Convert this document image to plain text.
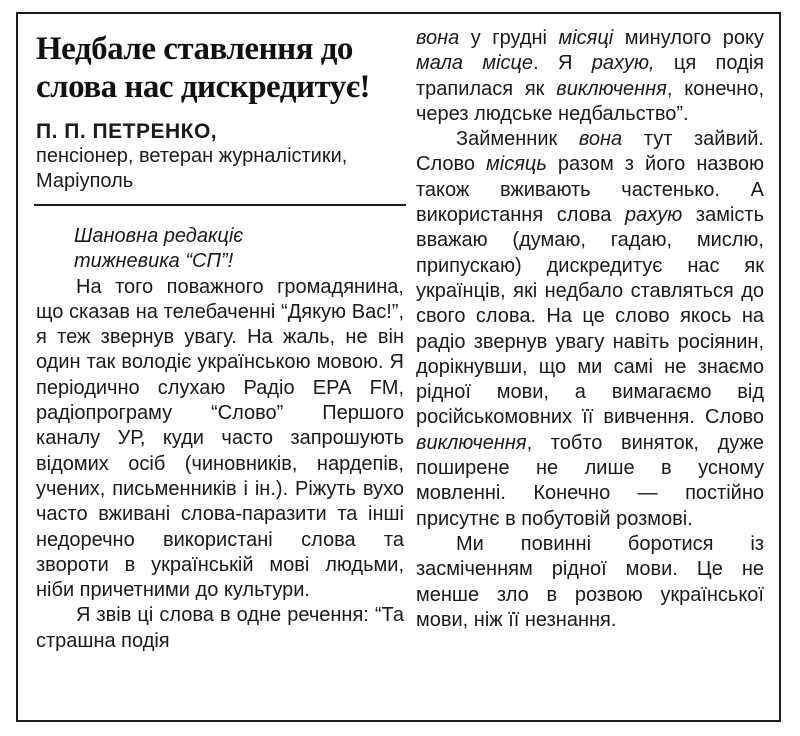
Недбале ставлення до слова нас дискредитує!
П. П. ПЕТРЕНКО,
пенсіонер, ветеран журналістики, Маріуполь

Шановна редакціє

тижневика “СП”!

На того поважного громадянина, що сказав на телебаченні “Дякую Вас!”, я теж звернув увагу. На жаль, не він один так володіє українською мовою. Я періодично слухаю Радіо ЕРА FM, радіопрограму “Слово” Першого каналу УР, куди часто запрошують відомих осіб (чиновників, нардепів, учених, письменників і ін.). Ріжуть вухо часто вживані слова-паразити та інші недоречно використані слова та звороти в українській мові людьми, ніби причетними до культури.

Я звів ці слова в одне речення: “Та страшна подія

вона у грудні місяці минулого року мала місце. Я рахую, ця подія трапилася як виключення, конечно, через людське недбальство”.

Займенник вона тут зайвий. Слово місяць разом з його назвою також вживають частенько. А використання слова рахую замість вважаю (думаю, гадаю, мислю, припускаю) дискредитує нас як українців, які недбало ставляться до свого слова. На це слово якось на радіо звернув увагу навіть росіянин, дорікнувши, що ми самі не знаємо рідної мови, а вимагаємо від російськомовних її вивчення. Слово виключення, тобто виняток, дуже поширене не лише в усному мовленні. Конечно — постійно присутнє в побутовій розмові.

Ми повинні боротися із засміченням рідної мови. Це не менше зло в розвою української мови, ніж її незнання.
